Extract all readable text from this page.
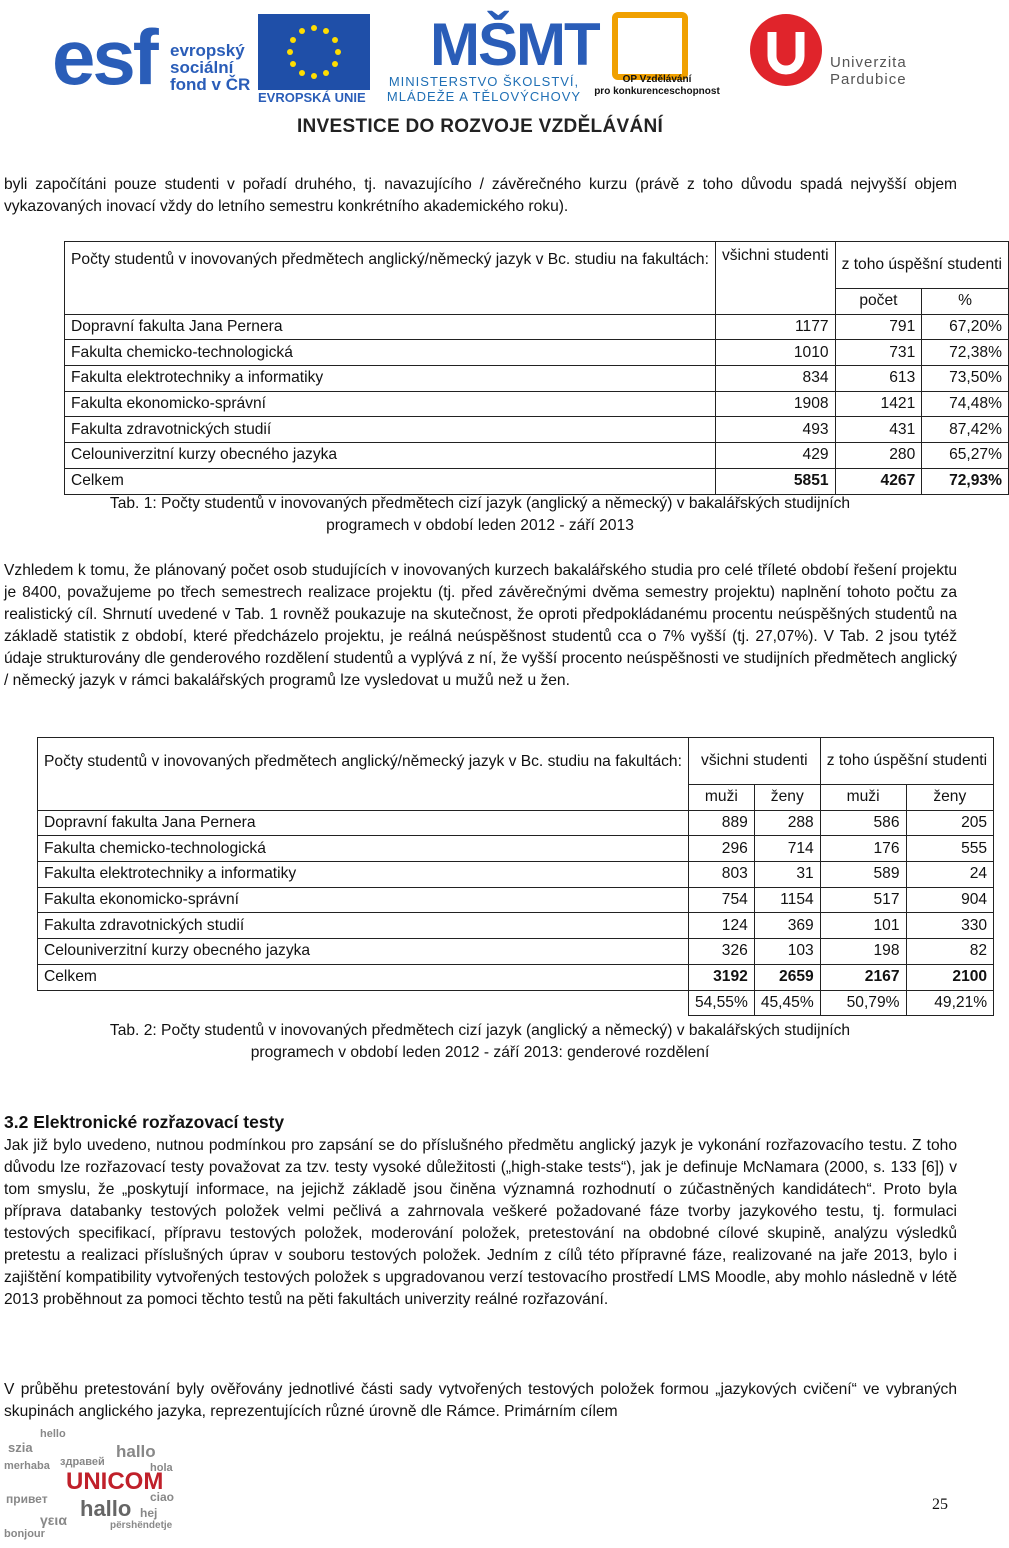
esf evropský
sociální
fond v ČR
EVROPSKÁ UNIE
MŠMT
MINISTERSTVO ŠKOLSTVÍ,
MLÁDEŽE A TĚLOVÝCHOVY
OP Vzdělávání
pro konkurenceschopnost
Univerzita
Pardubice
INVESTICE DO ROZVOJE VZDĚLÁVÁNÍ

byli započítáni pouze studenti v pořadí druhého, tj. navazujícího / závěrečného kurzu (právě z toho důvodu spadá nejvyšší objem vykazovaných inovací vždy do letního semestru konkrétního akademického roku).

Počty studentů v inovovaných předmětech anglický/německý jazyk v Bc. studiu na fakultách:	všichni studenti	z toho úspěšní studenti	
		počet	%
Dopravní fakulta Jana Pernera	1177	791	67,20%
Fakulta chemicko-technologická	1010	731	72,38%
Fakulta elektrotechniky a informatiky	834	613	73,50%
Fakulta ekonomicko-správní	1908	1421	74,48%
Fakulta zdravotnických studií	493	431	87,42%
Celouniverzitní kurzy obecného jazyka	429	280	65,27%
Celkem	5851	4267	72,93%
Tab. 1: Počty studentů v inovovaných předmětech cizí jazyk (anglický a německý) v bakalářských studijních
programech v období leden 2012 - září 2013

Vzhledem k tomu, že plánovaný počet osob studujících v inovovaných kurzech bakalářského studia pro celé tříleté období řešení projektu je 8400, považujeme po třech semestrech realizace projektu (tj. před závěrečnými dvěma semestry projektu) naplnění tohoto počtu za realistický cíl. Shrnutí uvedené v Tab. 1 rovněž poukazuje na skutečnost, že oproti předpokládanému procentu neúspěšných studentů na základě statistik z období, které předcházelo projektu, je reálná neúspěšnost studentů cca o 7% vyšší (tj. 27,07%). V Tab. 2 jsou tytéž údaje strukturovány dle genderového rozdělení studentů a vyplývá z ní, že vyšší procento neúspěšnosti ve studijních předmětech anglický / německý jazyk v rámci bakalářských programů lze vysledovat u mužů než u žen.

Počty studentů v inovovaných předmětech anglický/německý jazyk v Bc. studiu na fakultách:	všichni studenti		z toho úspěšní studenti	
	muži	ženy	muži	ženy
Dopravní fakulta Jana Pernera	889	288	586	205
Fakulta chemicko-technologická	296	714	176	555
Fakulta elektrotechniky a informatiky	803	31	589	24
Fakulta ekonomicko-správní	754	1154	517	904
Fakulta zdravotnických studií	124	369	101	330
Celouniverzitní kurzy obecného jazyka	326	103	198	82
Celkem	3192	2659	2167	2100
	54,55%	45,45%	50,79%	49,21%
Tab. 2: Počty studentů v inovovaných předmětech cizí jazyk (anglický a německý) v bakalářských studijních
programech v období leden 2012 - září 2013: genderové rozdělení
3.2 Elektronické rozřazovací testy

Jak již bylo uvedeno, nutnou podmínkou pro zapsání se do příslušného předmětu anglický jazyk je vykonání rozřazovacího testu. Z toho důvodu lze rozřazovací testy považovat za tzv. testy vysoké důležitosti („high-stake tests“), jak je definuje McNamara (2000, s. 133 [6]) v tom smyslu, že „poskytují informace, na jejichž základě jsou činěna významná rozhodnutí o zúčastněných kandidátech“. Proto byla příprava databanky testových položek velmi pečlivá a zahrnovala veškeré požadované fáze tvorby jazykového testu, tj. formulaci testových specifikací, přípravu testových položek, moderování položek, pretestování na obdobné cílové skupině, analýzu výsledků pretestu a realizaci příslušných úprav v souboru testových položek. Jedním z cílů této přípravné fáze, realizované na jaře 2013, bylo i zajištění kompatibility vytvořených testových položek s upgradovanou verzí testovacího prostředí LMS Moodle, aby mohlo následně v létě 2013 proběhnout za pomoci těchto testů na pěti fakultách univerzity reálné rozřazování.

V průběhu pretestování byly ověřovány jednotlivé části sady vytvořených testových položek formou „jazykových cvičení“ ve vybraných skupinách anglického jazyka, reprezentujících různé úrovně dle Rámce. Primárním cílem

hello
szia	hallo
здравей
merhaba	hola
привет
përshëndetje
γεια
ciao
hej
bonjour
hallo
UNICOM
25
